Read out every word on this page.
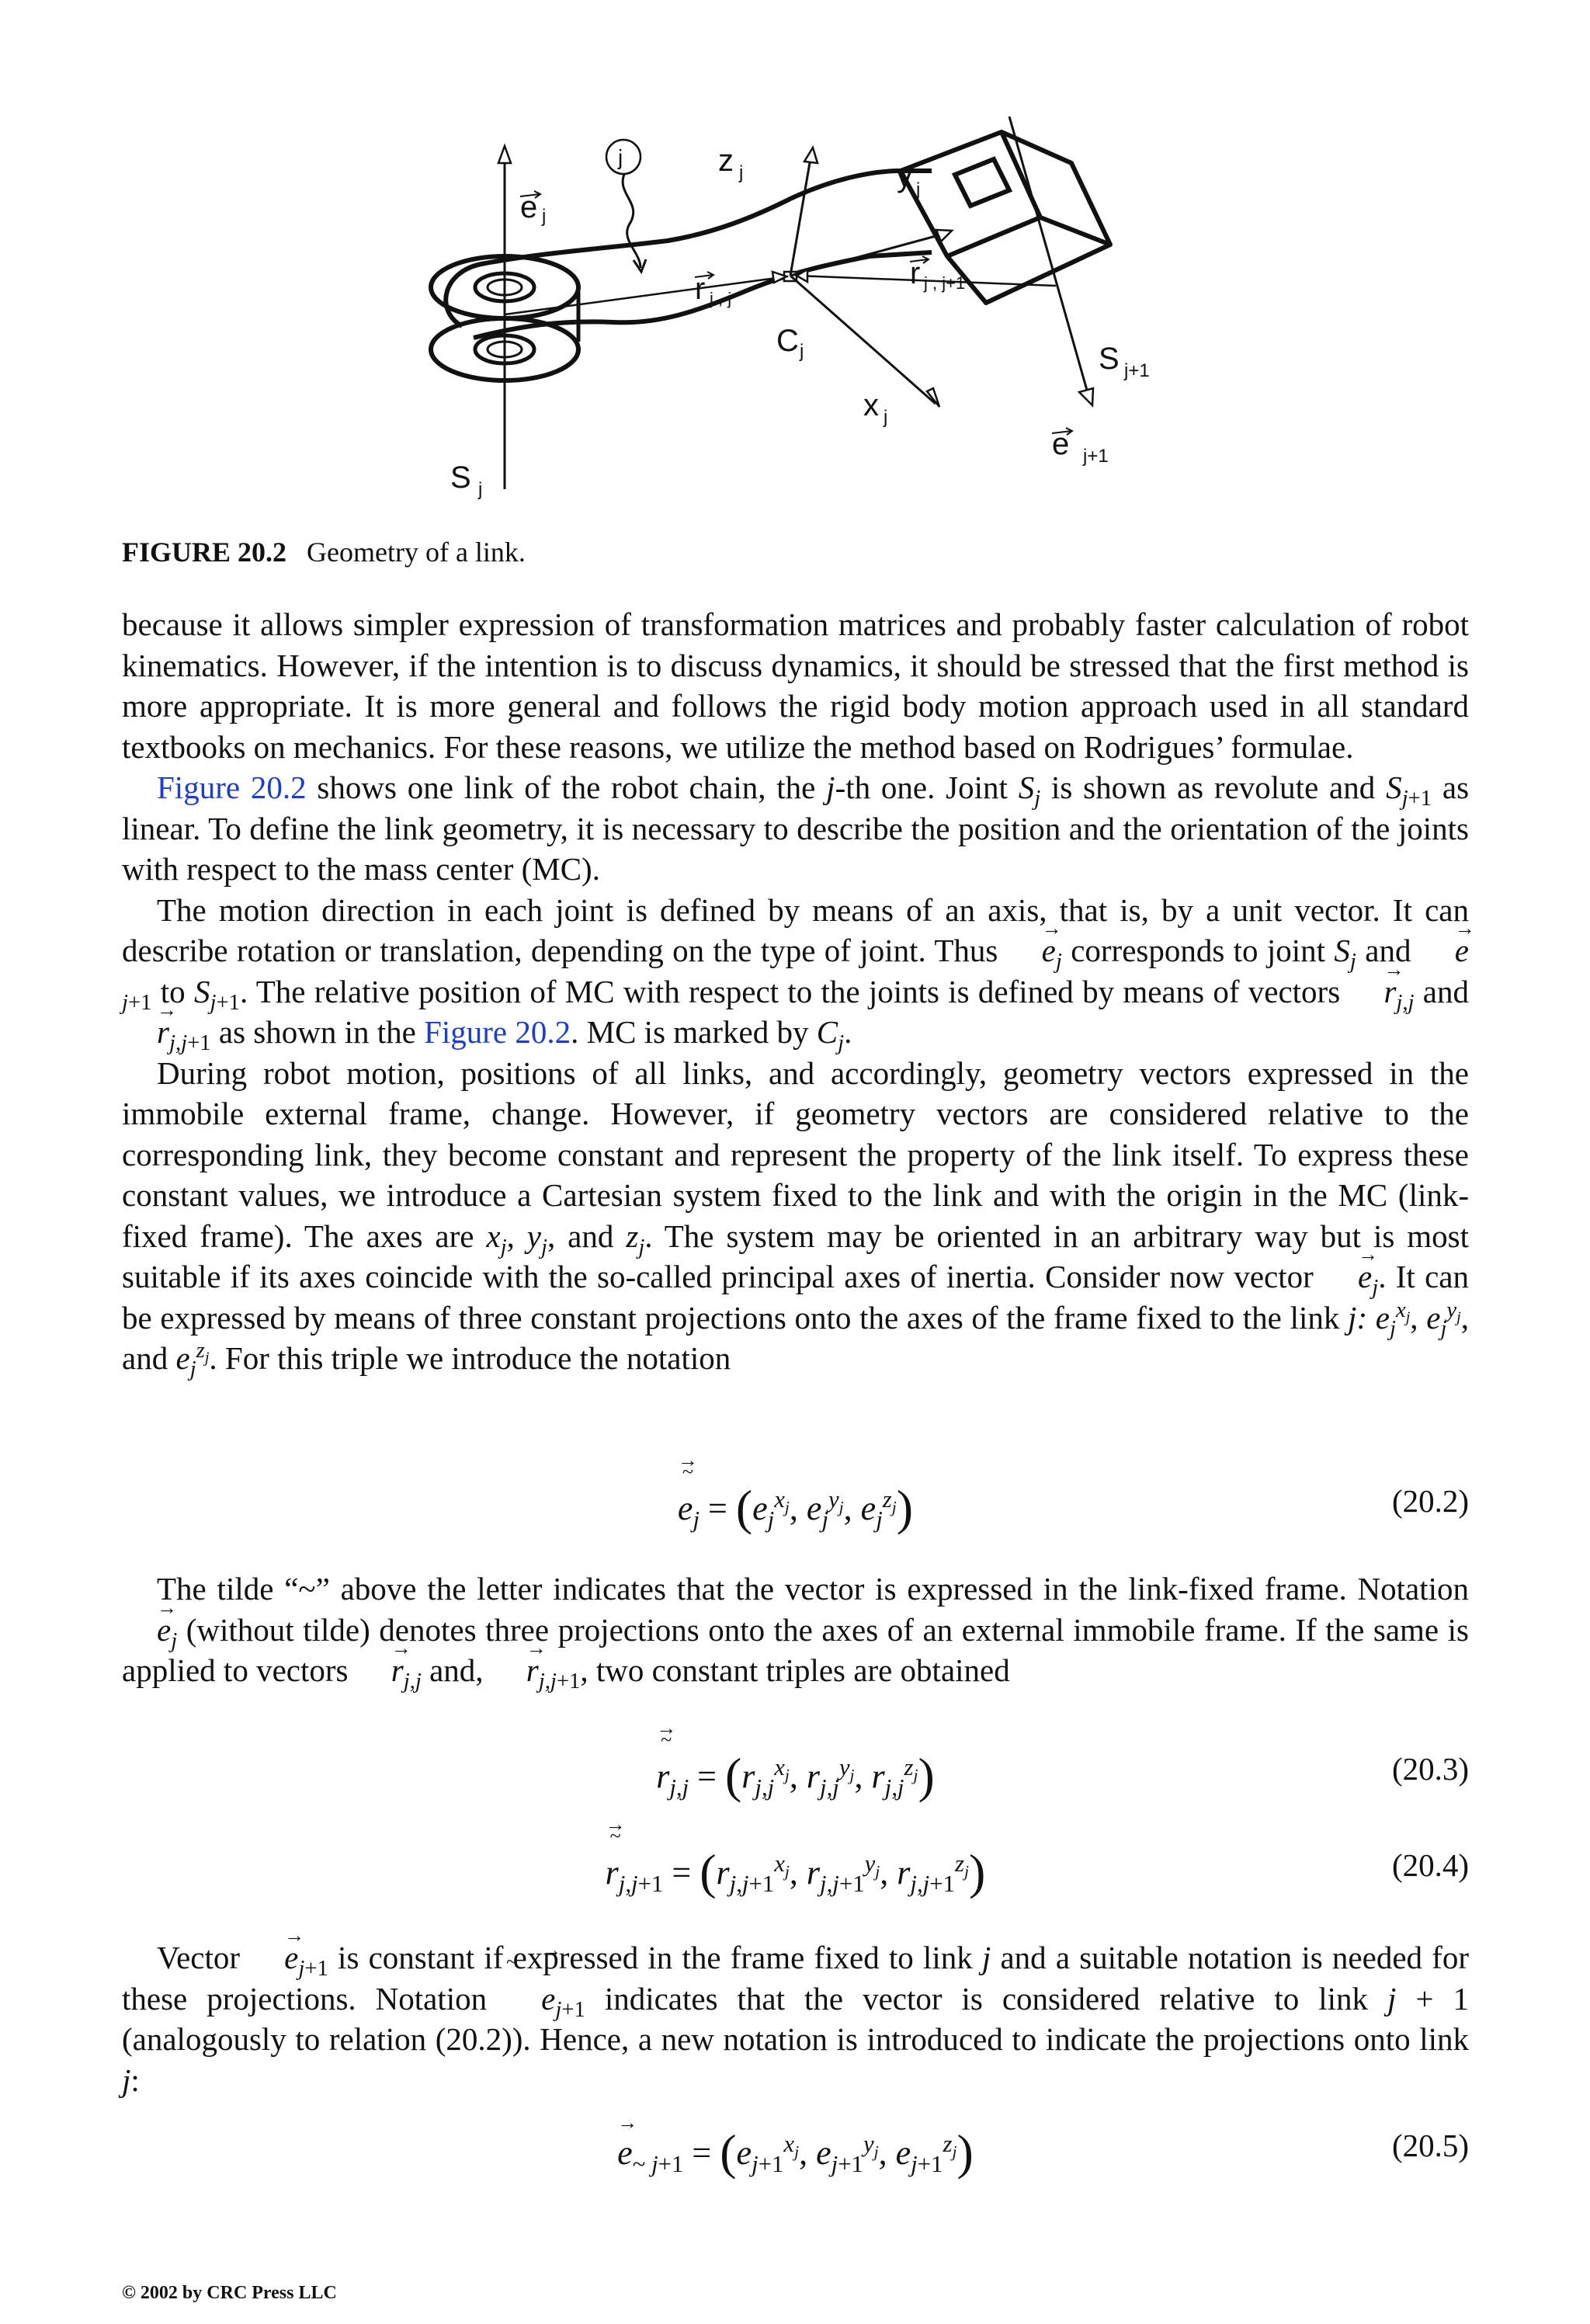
j
e j
z j	y j
r j , j
r j , j+1
C j	S j+1
x j
e j+1
S j
FIGURE 20.2 Geometry of a link.

because it allows simpler expression of transformation matrices and probably faster calculation of robot kinematics. However, if the intention is to discuss dynamics, it should be stressed that the first method is more appropriate. It is more general and follows the rigid body motion approach used in all standard textbooks on mechanics. For these reasons, we utilize the method based on Rodrigues’ formulae.

Figure 20.2 shows one link of the robot chain, the j-th one. Joint $S_j$ is shown as revolute and $S_{j+1}$ as linear. To define the link geometry, it is necessary to describe the position and the orientation of the joints with respect to the mass center (MC).

The motion direction in each joint is defined by means of an axis, that is, by a unit vector. It can describe rotation or translation, depending on the type of joint. Thus → $e_j$ corresponds to joint $S_j$ and → $e_{j+1}$ to $S_{j+1}$. The relative position of MC with respect to the joints is defined by means of vectors → $r_{j,j}$ and → $r_{j,j+1}$ as shown in the Figure 20.2. MC is marked by $C_j$.

During robot motion, positions of all links, and accordingly, geometry vectors expressed in the immobile external frame, change. However, if geometry vectors are considered relative to the corresponding link, they become constant and represent the property of the link itself. To express these constant values, we introduce a Cartesian system fixed to the link and with the origin in the MC (link-fixed frame). The axes are $x_j$, $y_j$, and $z_j$. The system may be oriented in an arbitrary way but is most suitable if its axes coincide with the so-called principal axes of inertia. Consider now vector → $e_j$. It can be expressed by means of three constant projections onto the axes of the frame fixed to the link j: $e_j^{x_j}$, $e_j^{y_j}$, and $e_j^{z_j}$. For this triple we introduce the notation

→ ~ $e_j = (e_j^{x_j}$, $e_j^{y_j}$, $e_j^{z_j}$)	(20.2)

The tilde “~” above the letter indicates that the vector is expressed in the link-fixed frame. Notation → $e_j$ (without tilde) denotes three projections onto the axes of an external immobile frame. If the same is applied to vectors → $r_{j,j}$ and, → $r_{j,j+1}$, two constant triples are obtained

→ ~ $r_{j,j} = (r_{j,j}^{x_j}$, $r_{j,j}^{y_j}$, $r_{j,j}^{z_j}$)	(20.3)
→ ~ $r_{j,j+1} = (r_{j,j+1}^{x_j}$, $r_{j,j+1}^{y_j}$, $r_{j,j+1}^{z_j}$)	(20.4)

Vector → $e_{j+1}$ is constant if expressed in the frame fixed to link j and a suitable notation is needed for these projections. Notation → ~ $e_{j+1}$ indicates that the vector is considered relative to link j + 1 (analogously to relation (20.2)). Hence, a new notation is introduced to indicate the projections onto link j:

→ $e_{\sim j+1} = (e_{j+1}^{x_j}$, $e_{j+1}^{y_j}$, $e_{j+1}^{z_j}$)	(20.5)
© 2002 by CRC Press LLC
